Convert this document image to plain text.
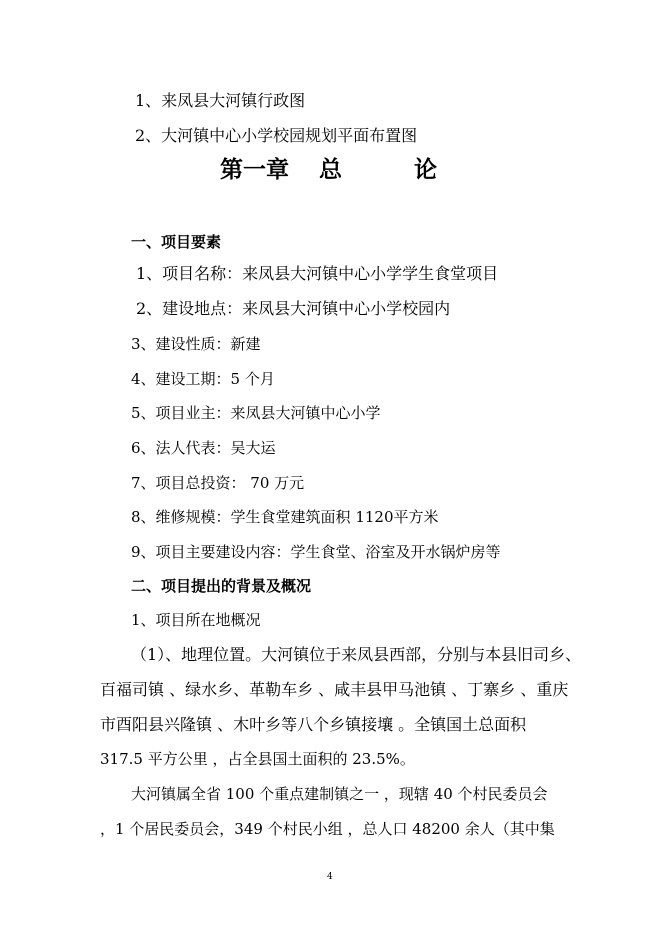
1、来凤县大河镇行政图
2、大河镇中心小学校园规划平面布置图
第一章 总	论
一、项目要素
1、项目名称：来凤县大河镇中心小学学生食堂项目
2、建设地点：来凤县大河镇中心小学校园内
3、建设性质：新建
4、建设工期：5 个月
5、项目业主：来凤县大河镇中心小学
6、法人代表：吴大运
7、项目总投资： 70 万元
8、维修规模：学生食堂建筑面积 1120平方米
9、项目主要建设内容：学生食堂、浴室及开水锅炉房等
二、项目提出的背景及概况
1、项目所在地概况
（1）、地理位置。大河镇位于来凤县西部，分别与本县旧司乡、
百福司镇 、绿水乡、革勒车乡 、咸丰县甲马池镇 、丁寨乡 、重庆
市酉阳县兴隆镇 、木叶乡等八个乡镇接壤 。全镇国土总面积
317.5 平方公里 ，占全县国土面积的 23.5%。
大河镇属全省 100 个重点建制镇之一 ，现辖 40 个村民委员会
，1 个居民委员会，349 个村民小组 ，总人口 48200 余人（其中集
4
